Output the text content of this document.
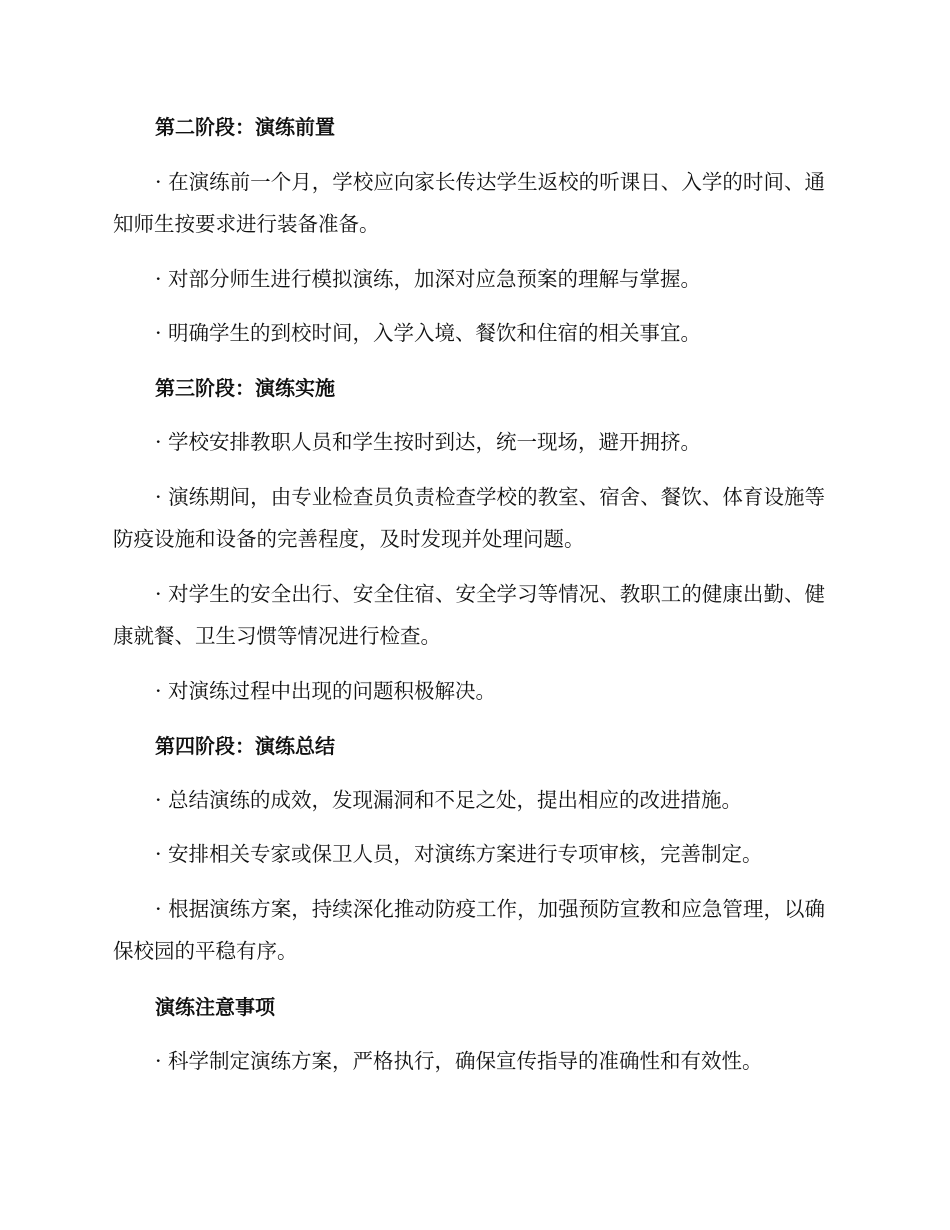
第二阶段：演练前置

· 在演练前一个月，学校应向家长传达学生返校的听课日、入学的时间、通知师生按要求进行装备准备。

· 对部分师生进行模拟演练，加深对应急预案的理解与掌握。

· 明确学生的到校时间，入学入境、餐饮和住宿的相关事宜。

第三阶段：演练实施

· 学校安排教职人员和学生按时到达，统一现场，避开拥挤。

· 演练期间，由专业检查员负责检查学校的教室、宿舍、餐饮、体育设施等防疫设施和设备的完善程度，及时发现并处理问题。

· 对学生的安全出行、安全住宿、安全学习等情况、教职工的健康出勤、健康就餐、卫生习惯等情况进行检查。

· 对演练过程中出现的问题积极解决。

第四阶段：演练总结

· 总结演练的成效，发现漏洞和不足之处，提出相应的改进措施。

· 安排相关专家或保卫人员，对演练方案进行专项审核，完善制定。

· 根据演练方案，持续深化推动防疫工作，加强预防宣教和应急管理，以确保校园的平稳有序。

演练注意事项

· 科学制定演练方案，严格执行，确保宣传指导的准确性和有效性。
